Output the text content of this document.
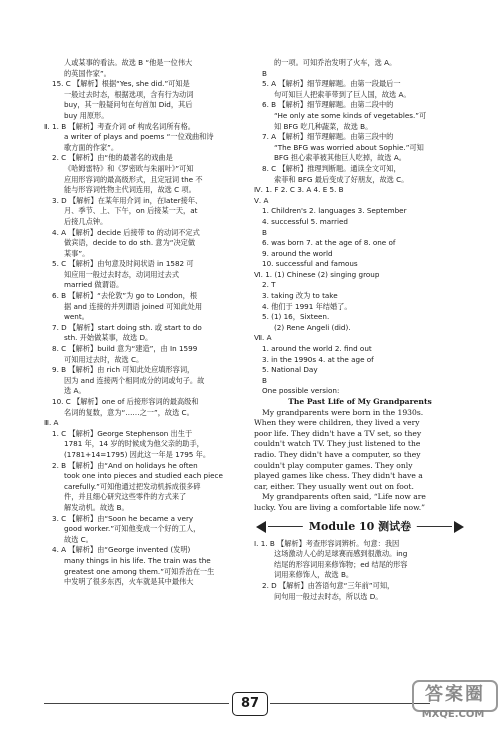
人或某事的看法。故选 B “他是一位伟大
的英国作家”。
15. C 【解析】根据“Yes, she did.”可知是
一般过去时态，根据选项，含有行为动词
buy，其一般疑问句在句首加 Did，其后
buy 用原形。
Ⅱ. 1. B 【解析】考查介词 of 构成名词所有格。
a writer of plays and poems “一位戏曲和诗
歌方面的作家”。
2. C 【解析】由“他的最著名的戏曲是
《哈姆雷特》和《罗密欧与朱丽叶》”可知
应用形容词的最高级形式，且定冠词 the 不
能与形容词性物主代词连用，故选 C 项。
3. D 【解析】在某年用介词 in，在later接年、
月、季节、上、下午，on 后接某一天，at
后接几点钟。
4. A 【解析】decide 后接带 to 的动词不定式
做宾语，decide to do sth. 意为“决定做
某事”。
5. C 【解析】由句意及时间状语 in 1582 可
知应用一般过去时态，动词用过去式
married 做谓语。
6. B 【解析】“去伦敦”为 go to London，根
据 and 连接的并列谓语 joined 可知此处用
went。
7. D 【解析】start doing sth. 或 start to do
sth. 开始做某事，故选 D。
8. C 【解析】build 意为“建造”，由 In 1599
可知用过去时，故选 C。
9. B 【解析】由 rich 可知此处应填形容词，
因为 and 连接两个相同成分的词或句子。故
选 A。
10. C 【解析】one of 后接形容词的最高级和
名词的复数，意为“……之一”，故选 C。
Ⅲ. A
1. C 【解析】George Stephenson 出生于
1781 年，14 岁的时候成为他父亲的助手，
(1781+14=1795) 因此这一年是 1795 年。
2. B 【解析】由“And on holidays he often
took one into pieces and studied each piece
carefully.”可知他通过把发动机拆成很多碎
件，并且细心研究这些零件的方式来了
解发动机。故选 B。
3. C 【解析】由“Soon he became a very
good worker.”可知他变成一个好的工人，
故选 C。
4. A 【解析】由“George invented (发明)
many things in his life. The train was the
greatest one among them.”可知乔治在一生
中发明了很多东西，火车就是其中最伟大
的一项。可知乔治发明了火车，选 A。
B
5. A 【解析】细节理解题。由第一段最后一
句可知巨人把索菲带到了巨人国，故选 A。
6. B 【解析】细节理解题。由第二段中的
“He only ate some kinds of vegetables.”可
知 BFG 吃几种蔬菜，故选 B。
7. A 【解析】细节理解题。由第三段中的
“The BFG was worried about Sophie.”可知
BFG 担心索菲被其他巨人吃掉，故选 A。
8. C 【解析】推理判断题。通读全文可知，
索菲和 BFG 最后变成了好朋友，故选 C。
Ⅳ. 1. F 2. C 3. A 4. E 5. B
Ⅴ. A
1. Children's 2. languages 3. September
4. successful 5. married
B
6. was born 7. at the age of 8. one of
9. around the world
10. successful and famous
Ⅵ. 1. (1) Chinese (2) singing group
2. T
3. taking 改为 to take
4. 他们于 1991 年结婚了。
5. (1) 16，Sixteen.
(2) Rene Angeli (did).
Ⅶ. A
1. around the world 2. find out
3. in the 1990s 4. at the age of
5. National Day
B
One possible version:
The Past Life of My Grandparents
My grandparents were born in the 1930s.
When they were children, they lived a very
poor life. They didn't have a TV set, so they
couldn't watch TV. They just listened to the
radio. They didn't have a computer, so they
couldn't play computer games. They only
played games like chess. They didn't have a
car, either. They usually went out on foot.
My grandparents often said, “Life now are
lucky. You are living a comfortable life now.”
Module 10 测试卷
Ⅰ. 1. B 【解析】考查形容词辨析。句意：我因
这场激动人心的足球赛而感到很激动。ing
结尾的形容词用来修饰物；ed 结尾的形容
词用来修饰人，故选 B。
2. D 【解析】由答语句意“三年前”可知，
问句用一般过去时态，所以选 D。
87	答案圈
MXQE.COM
